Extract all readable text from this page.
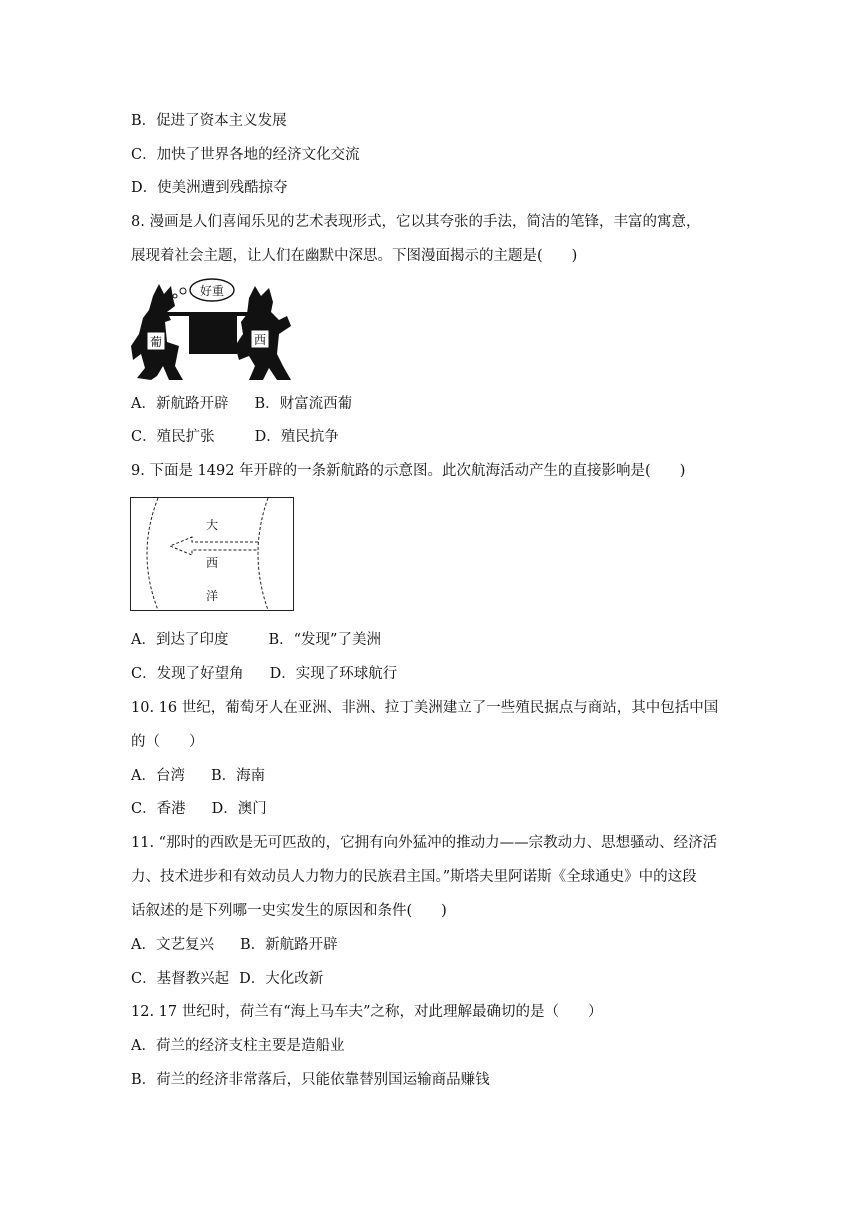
B．促进了资本主义发展
C．加快了世界各地的经济文化交流
D．使美洲遭到残酷掠夺
8. 漫画是人们喜闻乐见的艺术表现形式，它以其夸张的手法，简洁的笔锋，丰富的寓意，
展现着社会主题，让人们在幽默中深思。下图漫面揭示的主题是(　　)
好重
葡	西
A．新航路开辟 B．财富流西葡
C．殖民扩张	D．殖民抗争
9. 下面是 1492 年开辟的一条新航路的示意图。此次航海活动产生的直接影响是(　　)
大
西
洋
A．到达了印度	B．“发现”了美洲
C．发现了好望角 D．实现了环球航行
10. 16 世纪，葡萄牙人在亚洲、非洲、拉丁美洲建立了一些殖民据点与商站，其中包括中国
的（　　）
A．台湾 B．海南
C．香港 D．澳门
11. “那时的西欧是无可匹敌的，它拥有向外猛冲的推动力——宗教动力、思想骚动、经济活
力、技术进步和有效动员人力物力的民族君主国。”斯塔夫里阿诺斯《全球通史》中的这段
话叙述的是下列哪一史实发生的原因和条件(　　)
A．文艺复兴 B．新航路开辟
C．基督教兴起 D．大化改新
12. 17 世纪时，荷兰有“海上马车夫”之称，对此理解最确切的是（　　）
A．荷兰的经济支柱主要是造船业
B．荷兰的经济非常落后，只能依靠替别国运输商品赚钱
